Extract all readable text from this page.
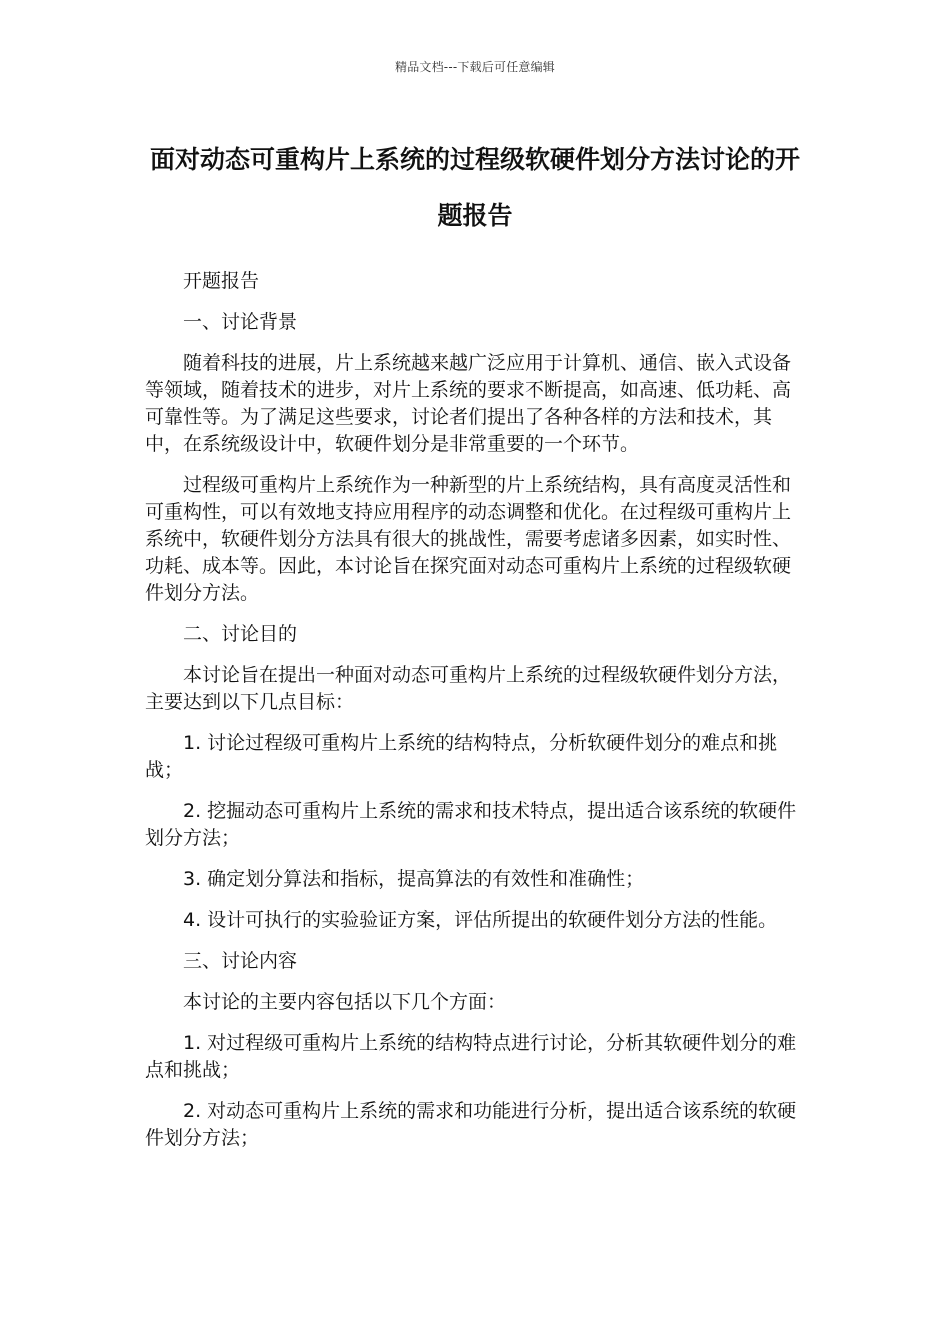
精品文档---下载后可任意编辑
面对动态可重构片上系统的过程级软硬件划分方法讨论的开题报告

开题报告

一、讨论背景

随着科技的进展，片上系统越来越广泛应用于计算机、通信、嵌入式设备等领域，随着技术的进步，对片上系统的要求不断提高，如高速、低功耗、高可靠性等。为了满足这些要求，讨论者们提出了各种各样的方法和技术，其中，在系统级设计中，软硬件划分是非常重要的一个环节。

过程级可重构片上系统作为一种新型的片上系统结构，具有高度灵活性和可重构性，可以有效地支持应用程序的动态调整和优化。在过程级可重构片上系统中，软硬件划分方法具有很大的挑战性，需要考虑诸多因素，如实时性、功耗、成本等。因此，本讨论旨在探究面对动态可重构片上系统的过程级软硬件划分方法。

二、讨论目的

本讨论旨在提出一种面对动态可重构片上系统的过程级软硬件划分方法，主要达到以下几点目标：

1. 讨论过程级可重构片上系统的结构特点，分析软硬件划分的难点和挑战；

2. 挖掘动态可重构片上系统的需求和技术特点，提出适合该系统的软硬件划分方法；

3. 确定划分算法和指标，提高算法的有效性和准确性；

4. 设计可执行的实验验证方案，评估所提出的软硬件划分方法的性能。

三、讨论内容

本讨论的主要内容包括以下几个方面：

1. 对过程级可重构片上系统的结构特点进行讨论，分析其软硬件划分的难点和挑战；

2. 对动态可重构片上系统的需求和功能进行分析，提出适合该系统的软硬件划分方法；
